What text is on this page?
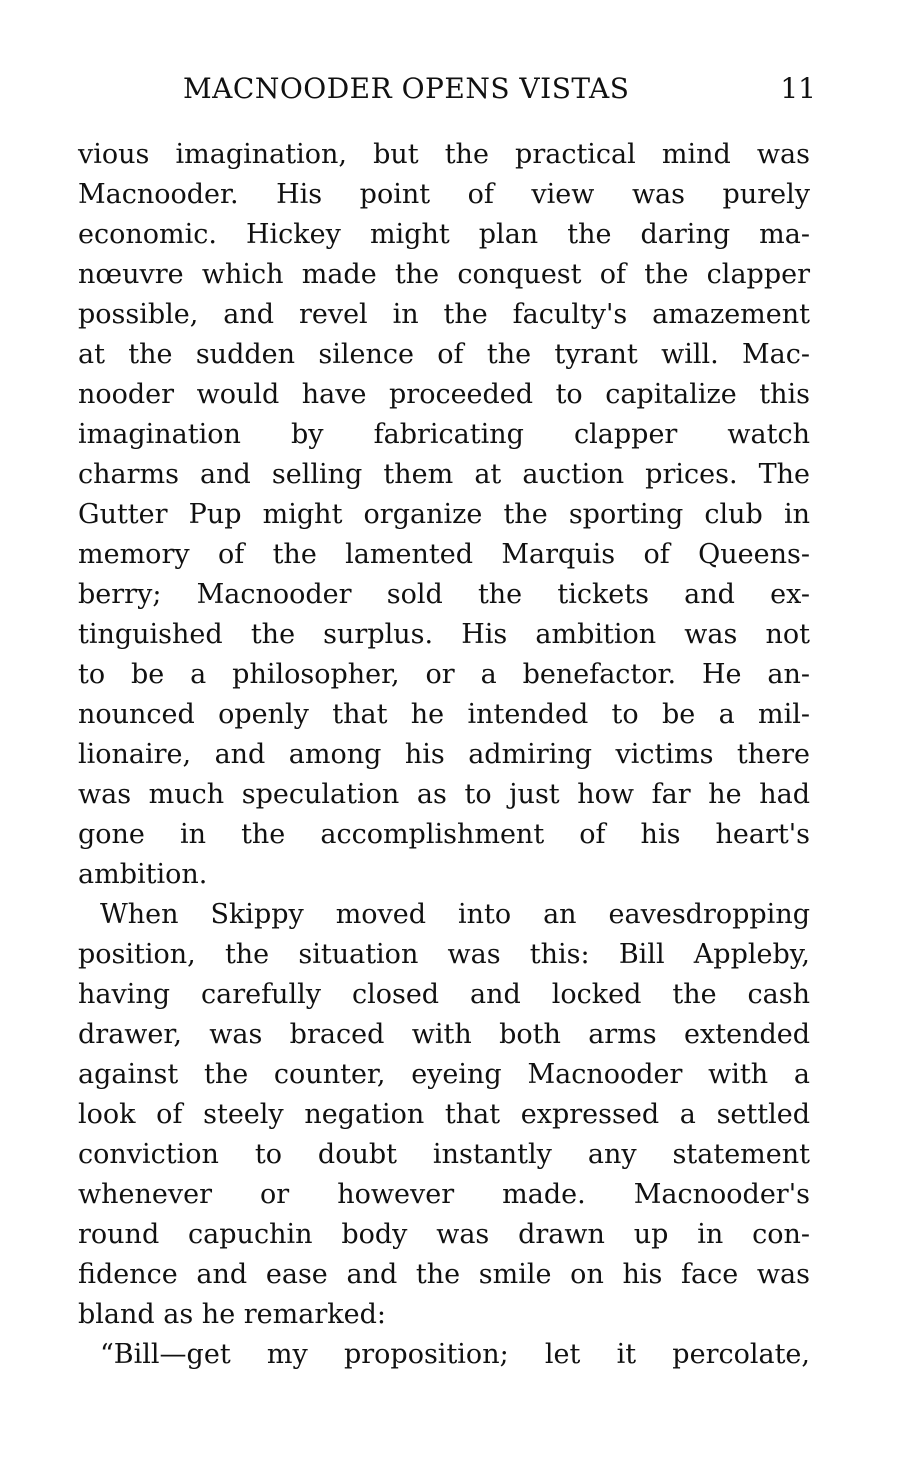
MACNOODER OPENS VISTAS	11
vious imagination, but the practical mind was
Macnooder. His point of view was purely
economic. Hickey might plan the daring ma-
nœuvre which made the conquest of the clapper
possible, and revel in the faculty's amazement
at the sudden silence of the tyrant will. Mac-
nooder would have proceeded to capitalize this
imagination by fabricating clapper watch
charms and selling them at auction prices. The
Gutter Pup might organize the sporting club in
memory of the lamented Marquis of Queens-
berry; Macnooder sold the tickets and ex-
tinguished the surplus. His ambition was not
to be a philosopher, or a benefactor. He an-
nounced openly that he intended to be a mil-
lionaire, and among his admiring victims there
was much speculation as to just how far he had
gone in the accomplishment of his heart's
ambition.
When Skippy moved into an eavesdropping
position, the situation was this: Bill Appleby,
having carefully closed and locked the cash
drawer, was braced with both arms extended
against the counter, eyeing Macnooder with a
look of steely negation that expressed a settled
conviction to doubt instantly any statement
whenever or however made. Macnooder's
round capuchin body was drawn up in con-
fidence and ease and the smile on his face was
bland as he remarked:
“Bill—get my proposition; let it percolate,
